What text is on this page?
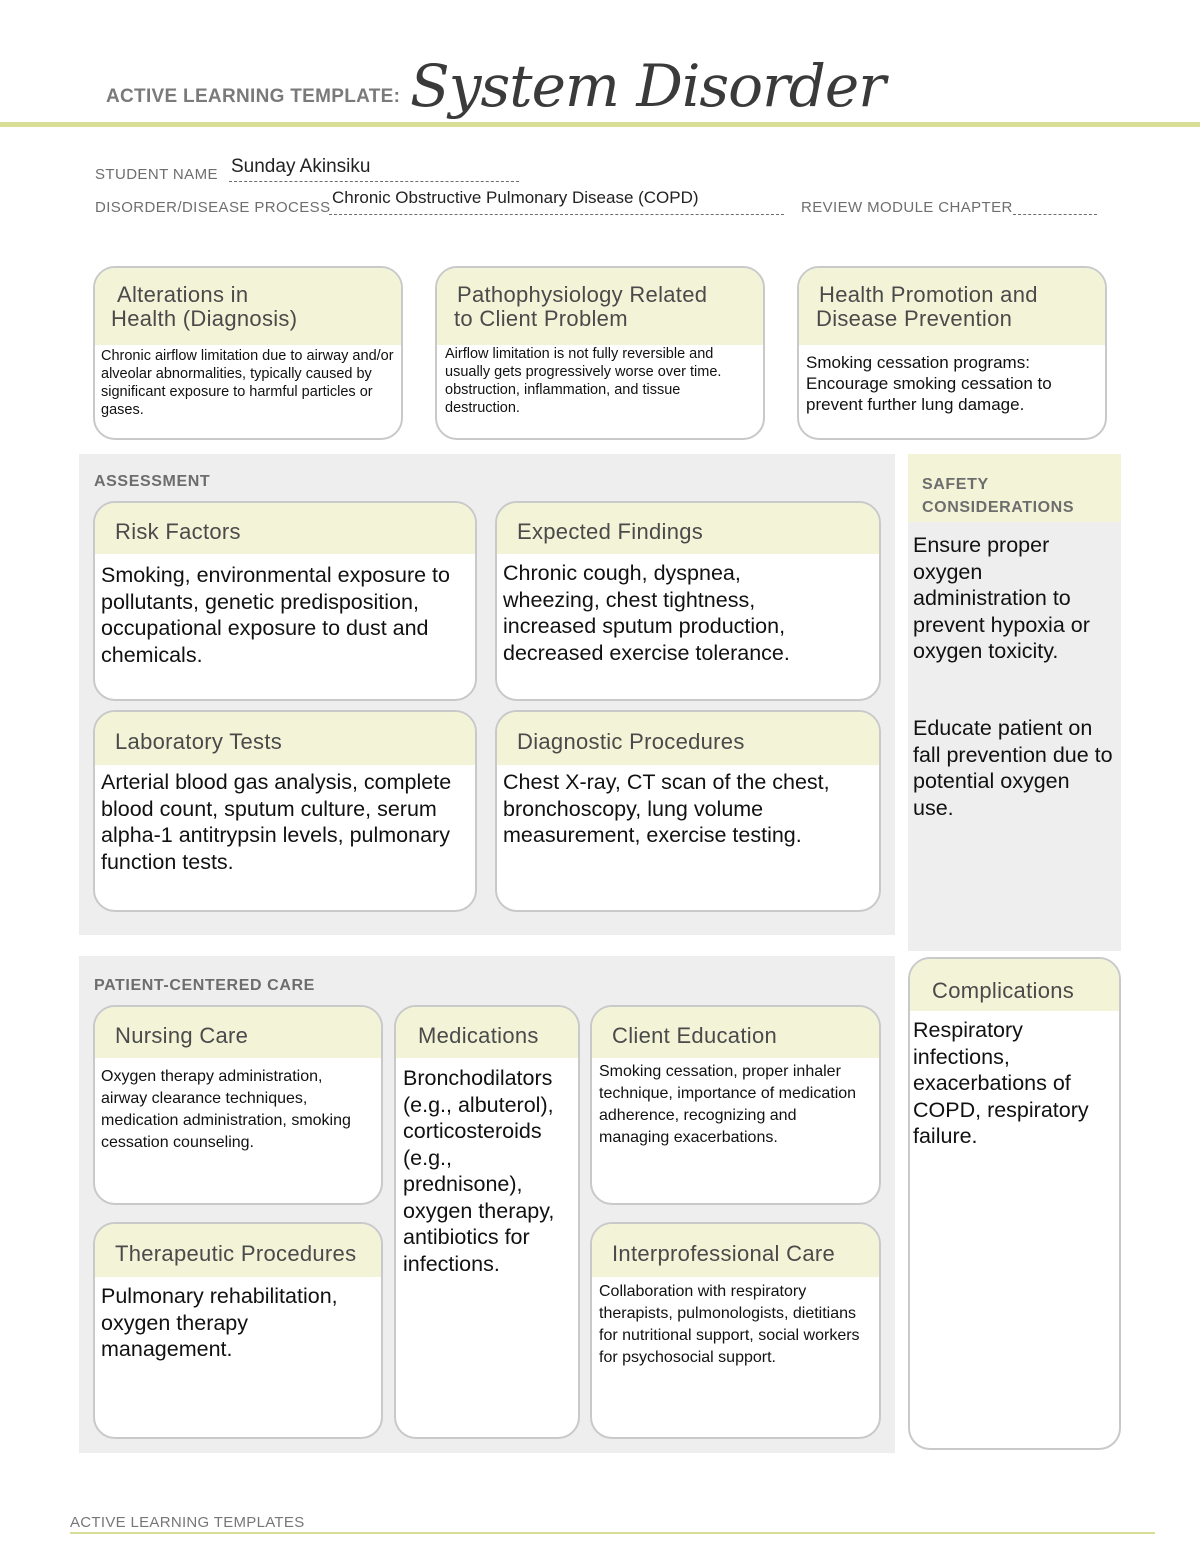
ACTIVE LEARNING TEMPLATE: System Disorder
STUDENT NAME Sunday Akinsiku
DISORDER/DISEASE PROCESS
Chronic Obstructive Pulmonary Disease (COPD)
REVIEW MODULE CHAPTER
Alterations in
Health (Diagnosis)
Chronic airflow limitation due to airway and/or alveolar abnormalities, typically caused by significant exposure to harmful particles or gases.
Pathophysiology Related
to Client Problem
Airflow limitation is not fully reversible and usually gets progressively worse over time. obstruction, inflammation, and tissue destruction.
Health Promotion and
Disease Prevention
Smoking cessation programs: Encourage smoking cessation to prevent further lung damage.
ASSESSMENT
Risk Factors
Smoking, environmental exposure to pollutants, genetic predisposition, occupational exposure to dust and chemicals.
Expected Findings
Chronic cough, dyspnea, wheezing, chest tightness, increased sputum production, decreased exercise tolerance.
Laboratory Tests
Arterial blood gas analysis, complete blood count, sputum culture, serum alpha-1 antitrypsin levels, pulmonary function tests.
Diagnostic Procedures
Chest X-ray, CT scan of the chest, bronchoscopy, lung volume measurement, exercise testing.
SAFETY
CONSIDERATIONS
Ensure proper oxygen administration to prevent hypoxia or oxygen toxicity.
Educate patient on fall prevention due to potential oxygen use.
PATIENT-CENTERED CARE
Nursing Care
Oxygen therapy administration, airway clearance techniques, medication administration, smoking cessation counseling.
Medications
Bronchodilators (e.g., albuterol), corticosteroids (e.g., prednisone), oxygen therapy, antibiotics for infections.
Client Education
Smoking cessation, proper inhaler technique, importance of medication adherence, recognizing and managing exacerbations.
Therapeutic Procedures
Pulmonary rehabilitation, oxygen therapy management.
Interprofessional Care
Collaboration with respiratory therapists, pulmonologists, dietitians for nutritional support, social workers for psychosocial support.
Complications
Respiratory infections, exacerbations of COPD, respiratory failure.
ACTIVE LEARNING TEMPLATES
